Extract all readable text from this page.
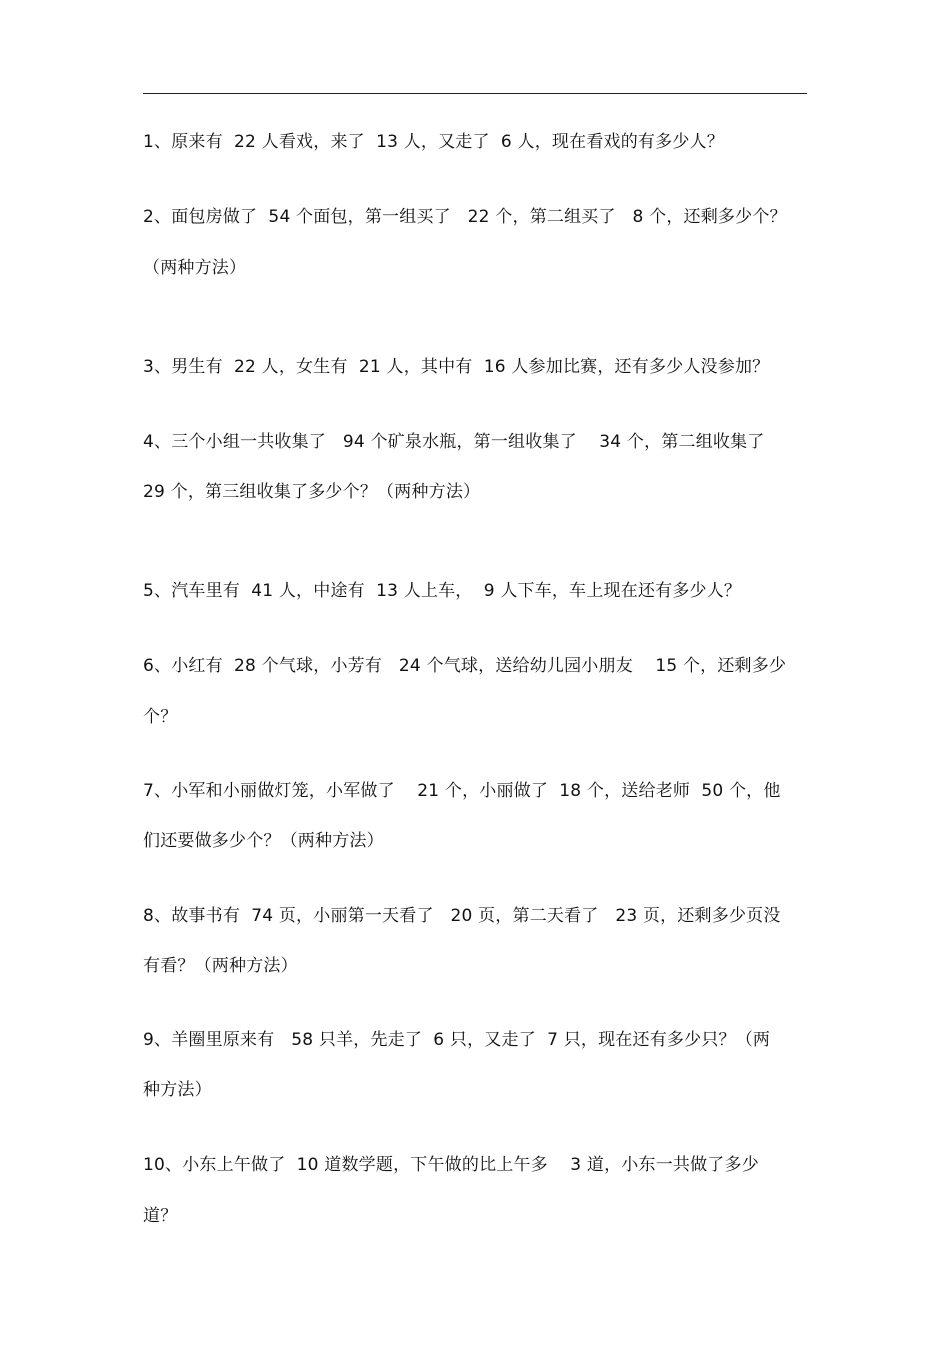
1、原来有  22 人看戏，来了  13 人，又走了  6 人，现在看戏的有多少人？
2、面包房做了  54 个面包，第一组买了   22 个，第二组买了   8 个，还剩多少个？
（两种方法）
3、男生有  22 人，女生有  21 人，其中有  16 人参加比赛，还有多少人没参加？
4、三个小组一共收集了   94 个矿泉水瓶，第一组收集了    34 个，第二组收集了
29 个，第三组收集了多少个？（两种方法）
5、汽车里有  41 人，中途有  13 人上车，  9 人下车，车上现在还有多少人？
6、小红有  28 个气球，小芳有   24 个气球，送给幼儿园小朋友    15 个，还剩多少
个？
7、小军和小丽做灯笼，小军做了    21 个，小丽做了  18 个，送给老师  50 个，他
们还要做多少个？（两种方法）
8、故事书有  74 页，小丽第一天看了   20 页，第二天看了   23 页，还剩多少页没
有看？（两种方法）
9、羊圈里原来有   58 只羊，先走了  6 只，又走了  7 只，现在还有多少只？（两
种方法）
10、小东上午做了  10 道数学题，下午做的比上午多    3 道，小东一共做了多少
道？
